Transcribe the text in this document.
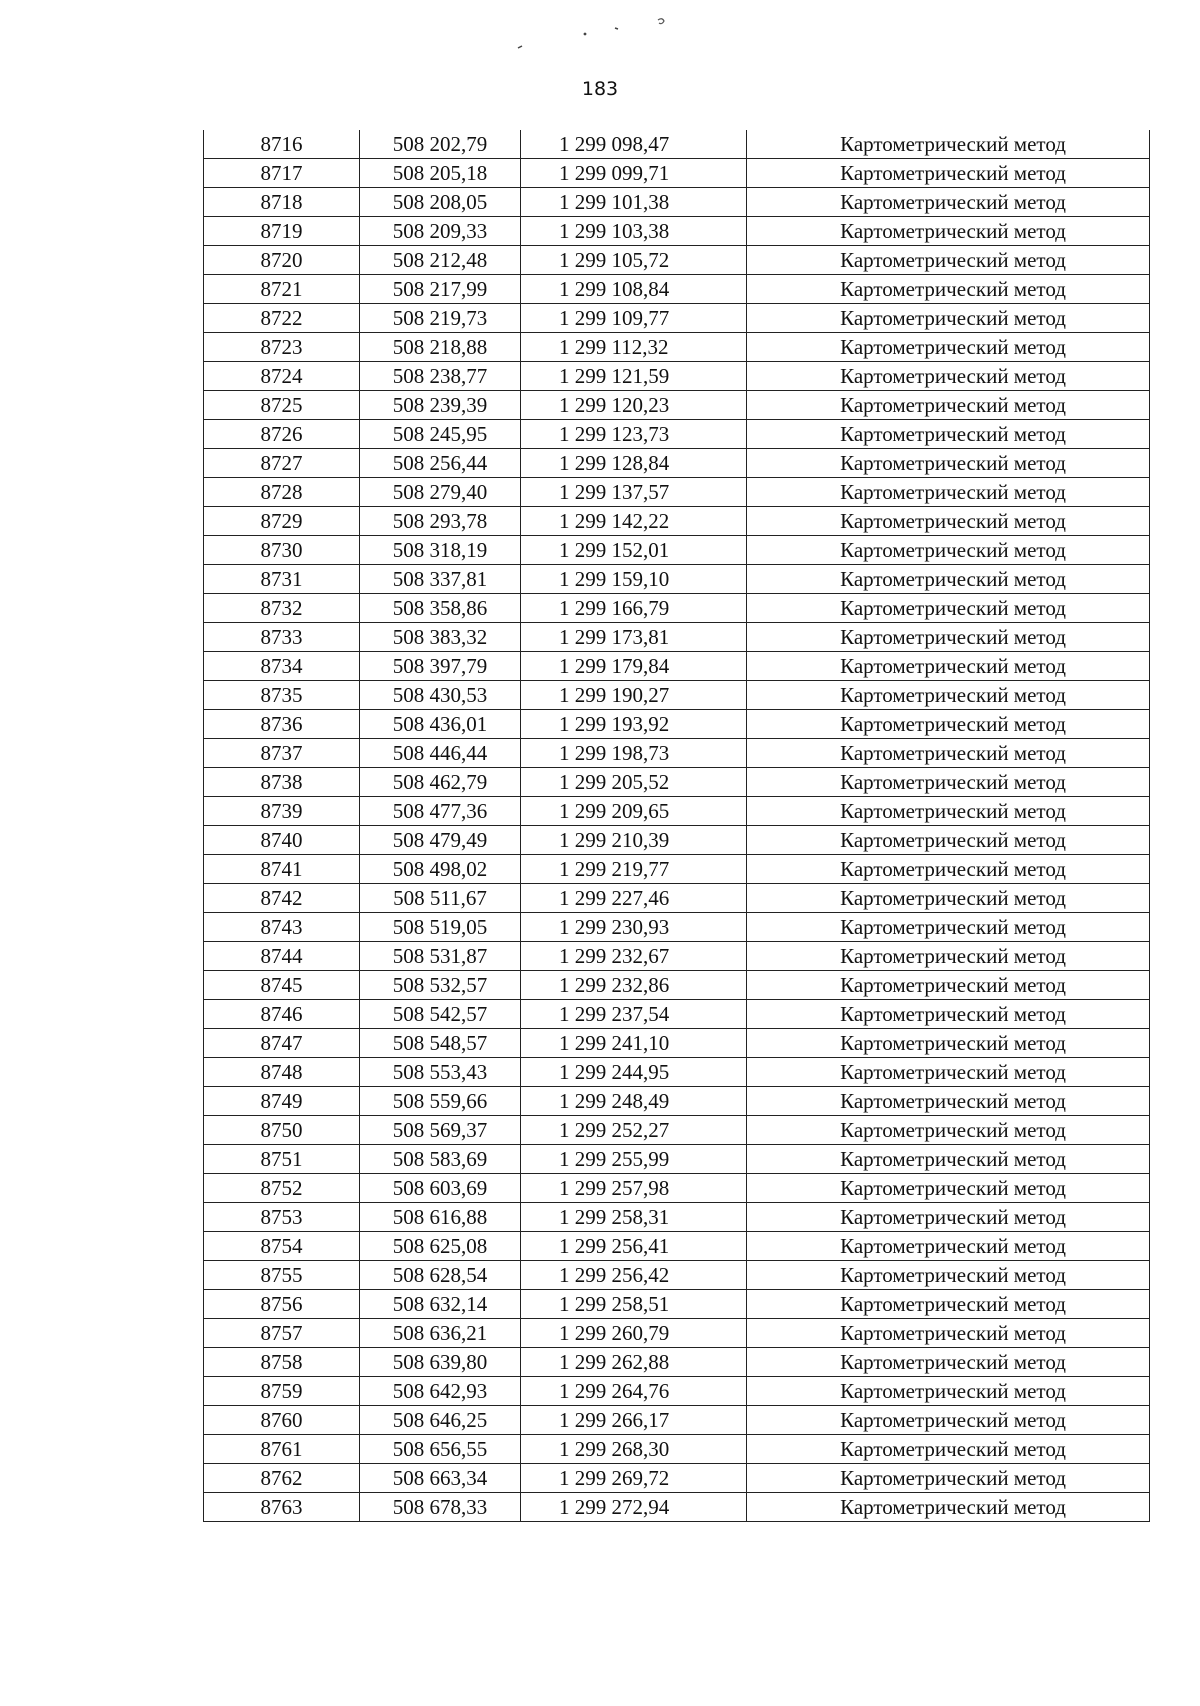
183
8716	508 202,79	1 299 098,47	Картометрический метод
8717	508 205,18	1 299 099,71	Картометрический метод
8718	508 208,05	1 299 101,38	Картометрический метод
8719	508 209,33	1 299 103,38	Картометрический метод
8720	508 212,48	1 299 105,72	Картометрический метод
8721	508 217,99	1 299 108,84	Картометрический метод
8722	508 219,73	1 299 109,77	Картометрический метод
8723	508 218,88	1 299 112,32	Картометрический метод
8724	508 238,77	1 299 121,59	Картометрический метод
8725	508 239,39	1 299 120,23	Картометрический метод
8726	508 245,95	1 299 123,73	Картометрический метод
8727	508 256,44	1 299 128,84	Картометрический метод
8728	508 279,40	1 299 137,57	Картометрический метод
8729	508 293,78	1 299 142,22	Картометрический метод
8730	508 318,19	1 299 152,01	Картометрический метод
8731	508 337,81	1 299 159,10	Картометрический метод
8732	508 358,86	1 299 166,79	Картометрический метод
8733	508 383,32	1 299 173,81	Картометрический метод
8734	508 397,79	1 299 179,84	Картометрический метод
8735	508 430,53	1 299 190,27	Картометрический метод
8736	508 436,01	1 299 193,92	Картометрический метод
8737	508 446,44	1 299 198,73	Картометрический метод
8738	508 462,79	1 299 205,52	Картометрический метод
8739	508 477,36	1 299 209,65	Картометрический метод
8740	508 479,49	1 299 210,39	Картометрический метод
8741	508 498,02	1 299 219,77	Картометрический метод
8742	508 511,67	1 299 227,46	Картометрический метод
8743	508 519,05	1 299 230,93	Картометрический метод
8744	508 531,87	1 299 232,67	Картометрический метод
8745	508 532,57	1 299 232,86	Картометрический метод
8746	508 542,57	1 299 237,54	Картометрический метод
8747	508 548,57	1 299 241,10	Картометрический метод
8748	508 553,43	1 299 244,95	Картометрический метод
8749	508 559,66	1 299 248,49	Картометрический метод
8750	508 569,37	1 299 252,27	Картометрический метод
8751	508 583,69	1 299 255,99	Картометрический метод
8752	508 603,69	1 299 257,98	Картометрический метод
8753	508 616,88	1 299 258,31	Картометрический метод
8754	508 625,08	1 299 256,41	Картометрический метод
8755	508 628,54	1 299 256,42	Картометрический метод
8756	508 632,14	1 299 258,51	Картометрический метод
8757	508 636,21	1 299 260,79	Картометрический метод
8758	508 639,80	1 299 262,88	Картометрический метод
8759	508 642,93	1 299 264,76	Картометрический метод
8760	508 646,25	1 299 266,17	Картометрический метод
8761	508 656,55	1 299 268,30	Картометрический метод
8762	508 663,34	1 299 269,72	Картометрический метод
8763	508 678,33	1 299 272,94	Картометрический метод
